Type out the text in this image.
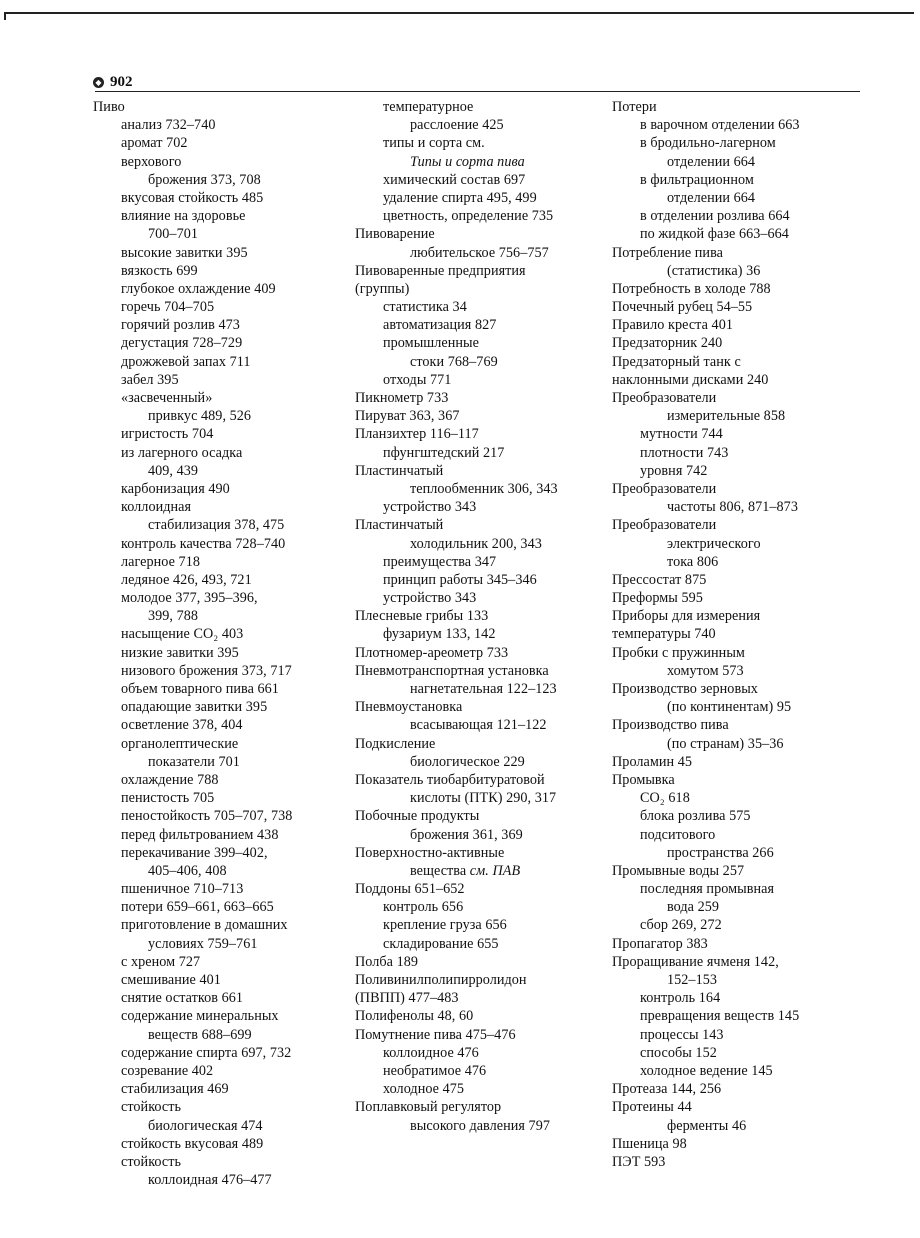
◆ 902
Пиво
анализ 732–740
аромат 702
верхового
брожения 373, 708
вкусовая стойкость 485
влияние на здоровье
700–701
высокие завитки 395
вязкость 699
глубокое охлаждение 409
горечь 704–705
горячий розлив 473
дегустация 728–729
дрожжевой запах 711
забел 395
«засвеченный»
привкус 489, 526
игристость 704
из лагерного осадка
409, 439
карбонизация 490
коллоидная
стабилизация 378, 475
контроль качества 728–740
лагерное 718
ледяное 426, 493, 721
молодое 377, 395–396,
399, 788
насыщение CO₂ 403
низкие завитки 395
низового брожения 373, 717
объем товарного пива 661
опадающие завитки 395
осветление 378, 404
органолептические
показатели 701
охлаждение 788
пенистость 705
пеностойкость 705–707, 738
перед фильтрованием 438
перекачивание 399–402,
405–406, 408
пшеничное 710–713
потери 659–661, 663–665
приготовление в домашних
условиях 759–761
с хреном 727
смешивание 401
снятие остатков 661
содержание минеральных
веществ 688–699
содержание спирта 697, 732
созревание 402
стабилизация 469
стойкость
биологическая 474
стойкость вкусовая 489
стойкость
коллоидная 476–477
температурное
расслоение 425
типы и сорта см.
Типы и сорта пива
химический состав 697
удаление спирта 495, 499
цветность, определение 735
Пивоварение
любительское 756–757
Пивоваренные предприятия
(группы)
статистика 34
автоматизация 827
промышленные
стоки 768–769
отходы 771
Пикнометр 733
Пируват 363, 367
Планзихтер 116–117
пфунгштедский 217
Пластинчатый
теплообменник 306, 343
устройство 343
Пластинчатый
холодильник 200, 343
преимущества 347
принцип работы 345–346
устройство 343
Плесневые грибы 133
фузариум 133, 142
Плотномер-ареометр 733
Пневмотранспортная установка
нагнетательная 122–123
Пневмоустановка
всасывающая 121–122
Подкисление
биологическое 229
Показатель тиобарбитуратовой
кислоты (ПТК) 290, 317
Побочные продукты
брожения 361, 369
Поверхностно-активные
вещества см. ПАВ
Поддоны 651–652
контроль 656
крепление груза 656
складирование 655
Полба 189
Поливинилполипирролидон
(ПВПП) 477–483
Полифенолы 48, 60
Помутнение пива 475–476
коллоидное 476
необратимое 476
холодное 475
Поплавковый регулятор
высокого давления 797
Потери
в варочном отделении 663
в бродильно-лагерном
отделении 664
в фильтрационном
отделении 664
в отделении розлива 664
по жидкой фазе 663–664
Потребление пива
(статистика) 36
Потребность в холоде 788
Почечный рубец 54–55
Правило креста 401
Предзаторник 240
Предзаторный танк с
наклонными дисками 240
Преобразователи
измерительные 858
мутности 744
плотности 743
уровня 742
Преобразователи
частоты 806, 871–873
Преобразователи
электрического
тока 806
Прессостат 875
Преформы 595
Приборы для измерения
температуры 740
Пробки с пружинным
хомутом 573
Производство зерновых
(по континентам) 95
Производство пива
(по странам) 35–36
Проламин 45
Промывка
CO₂ 618
блока розлива 575
подситового
пространства 266
Промывные воды 257
последняя промывная
вода 259
сбор 269, 272
Пропагатор 383
Проращивание ячменя 142,
152–153
контроль 164
превращения веществ 145
процессы 143
способы 152
холодное ведение 145
Протеаза 144, 256
Протеины 44
ферменты 46
Пшеница 98
ПЭТ 593
